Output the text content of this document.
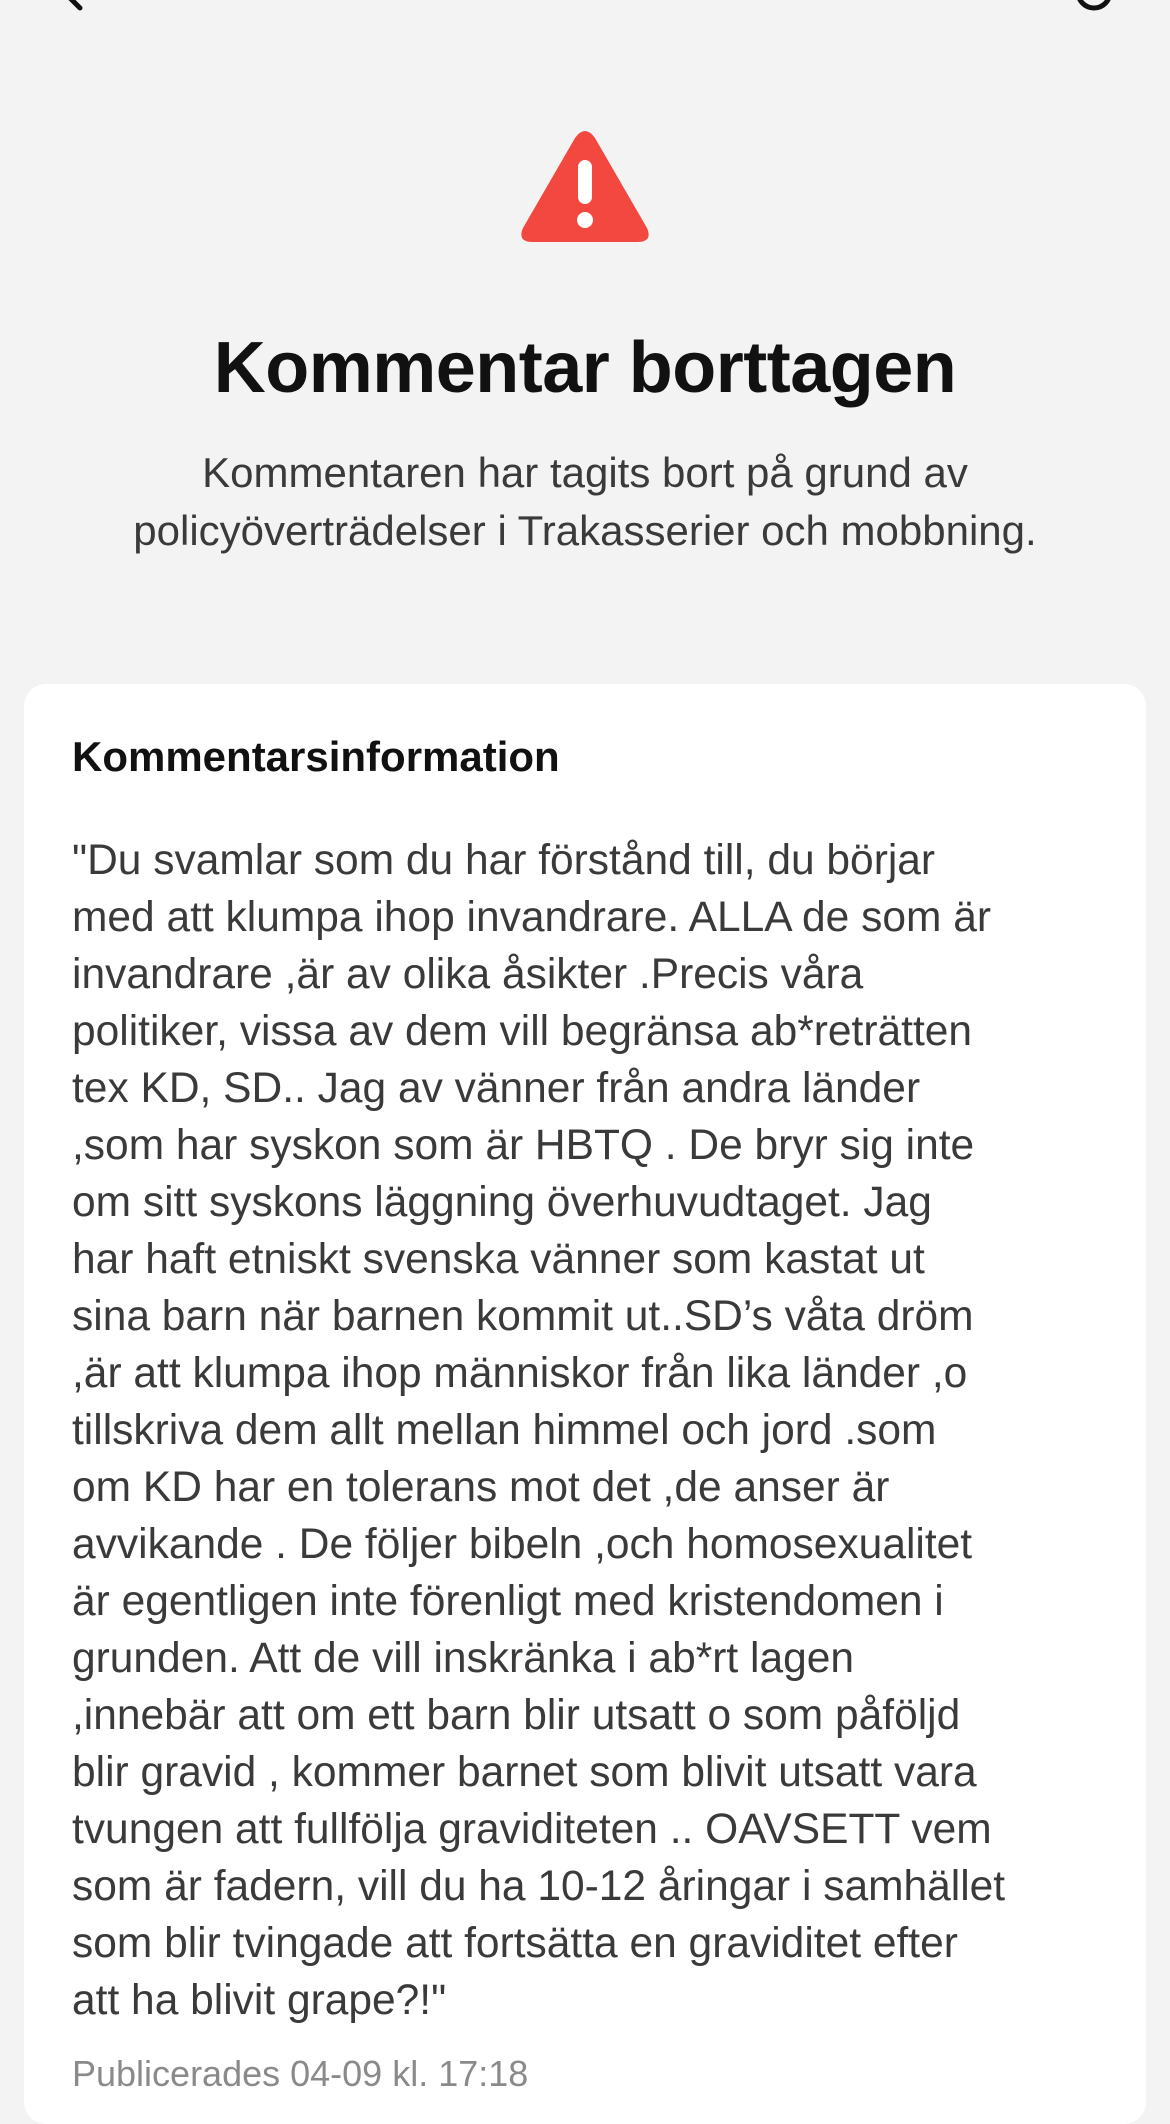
Kommentar borttagen
Kommentaren har tagits bort på grund av policyöverträdelser i Trakasserier och mobbning.
Kommentarsinformation
"Du svamlar som du har förstånd till, du börjar
med att klumpa ihop invandrare. ALLA de som är
invandrare ,är av olika åsikter .Precis våra
politiker, vissa av dem vill begränsa ab*reträtten
tex KD, SD.. Jag av vänner från andra länder
,som har syskon som är HBTQ . De bryr sig inte
om sitt syskons läggning överhuvudtaget. Jag
har haft etniskt svenska vänner som kastat ut
sina barn när barnen kommit ut..SD’s våta dröm
,är att klumpa ihop människor från lika länder ,o
tillskriva dem allt mellan himmel och jord .som
om KD har en tolerans mot det ,de anser är
avvikande . De följer bibeln ,och homosexualitet
är egentligen inte förenligt med kristendomen i
grunden. Att de vill inskränka i ab*rt lagen
,innebär att om ett barn blir utsatt o som påföljd
blir gravid , kommer barnet som blivit utsatt vara
tvungen att fullfölja graviditeten .. OAVSETT vem
som är fadern, vill du ha 10-12 åringar i samhället
som blir tvingade att fortsätta en graviditet efter
att ha blivit grape?!"
Publicerades 04-09 kl. 17:18
